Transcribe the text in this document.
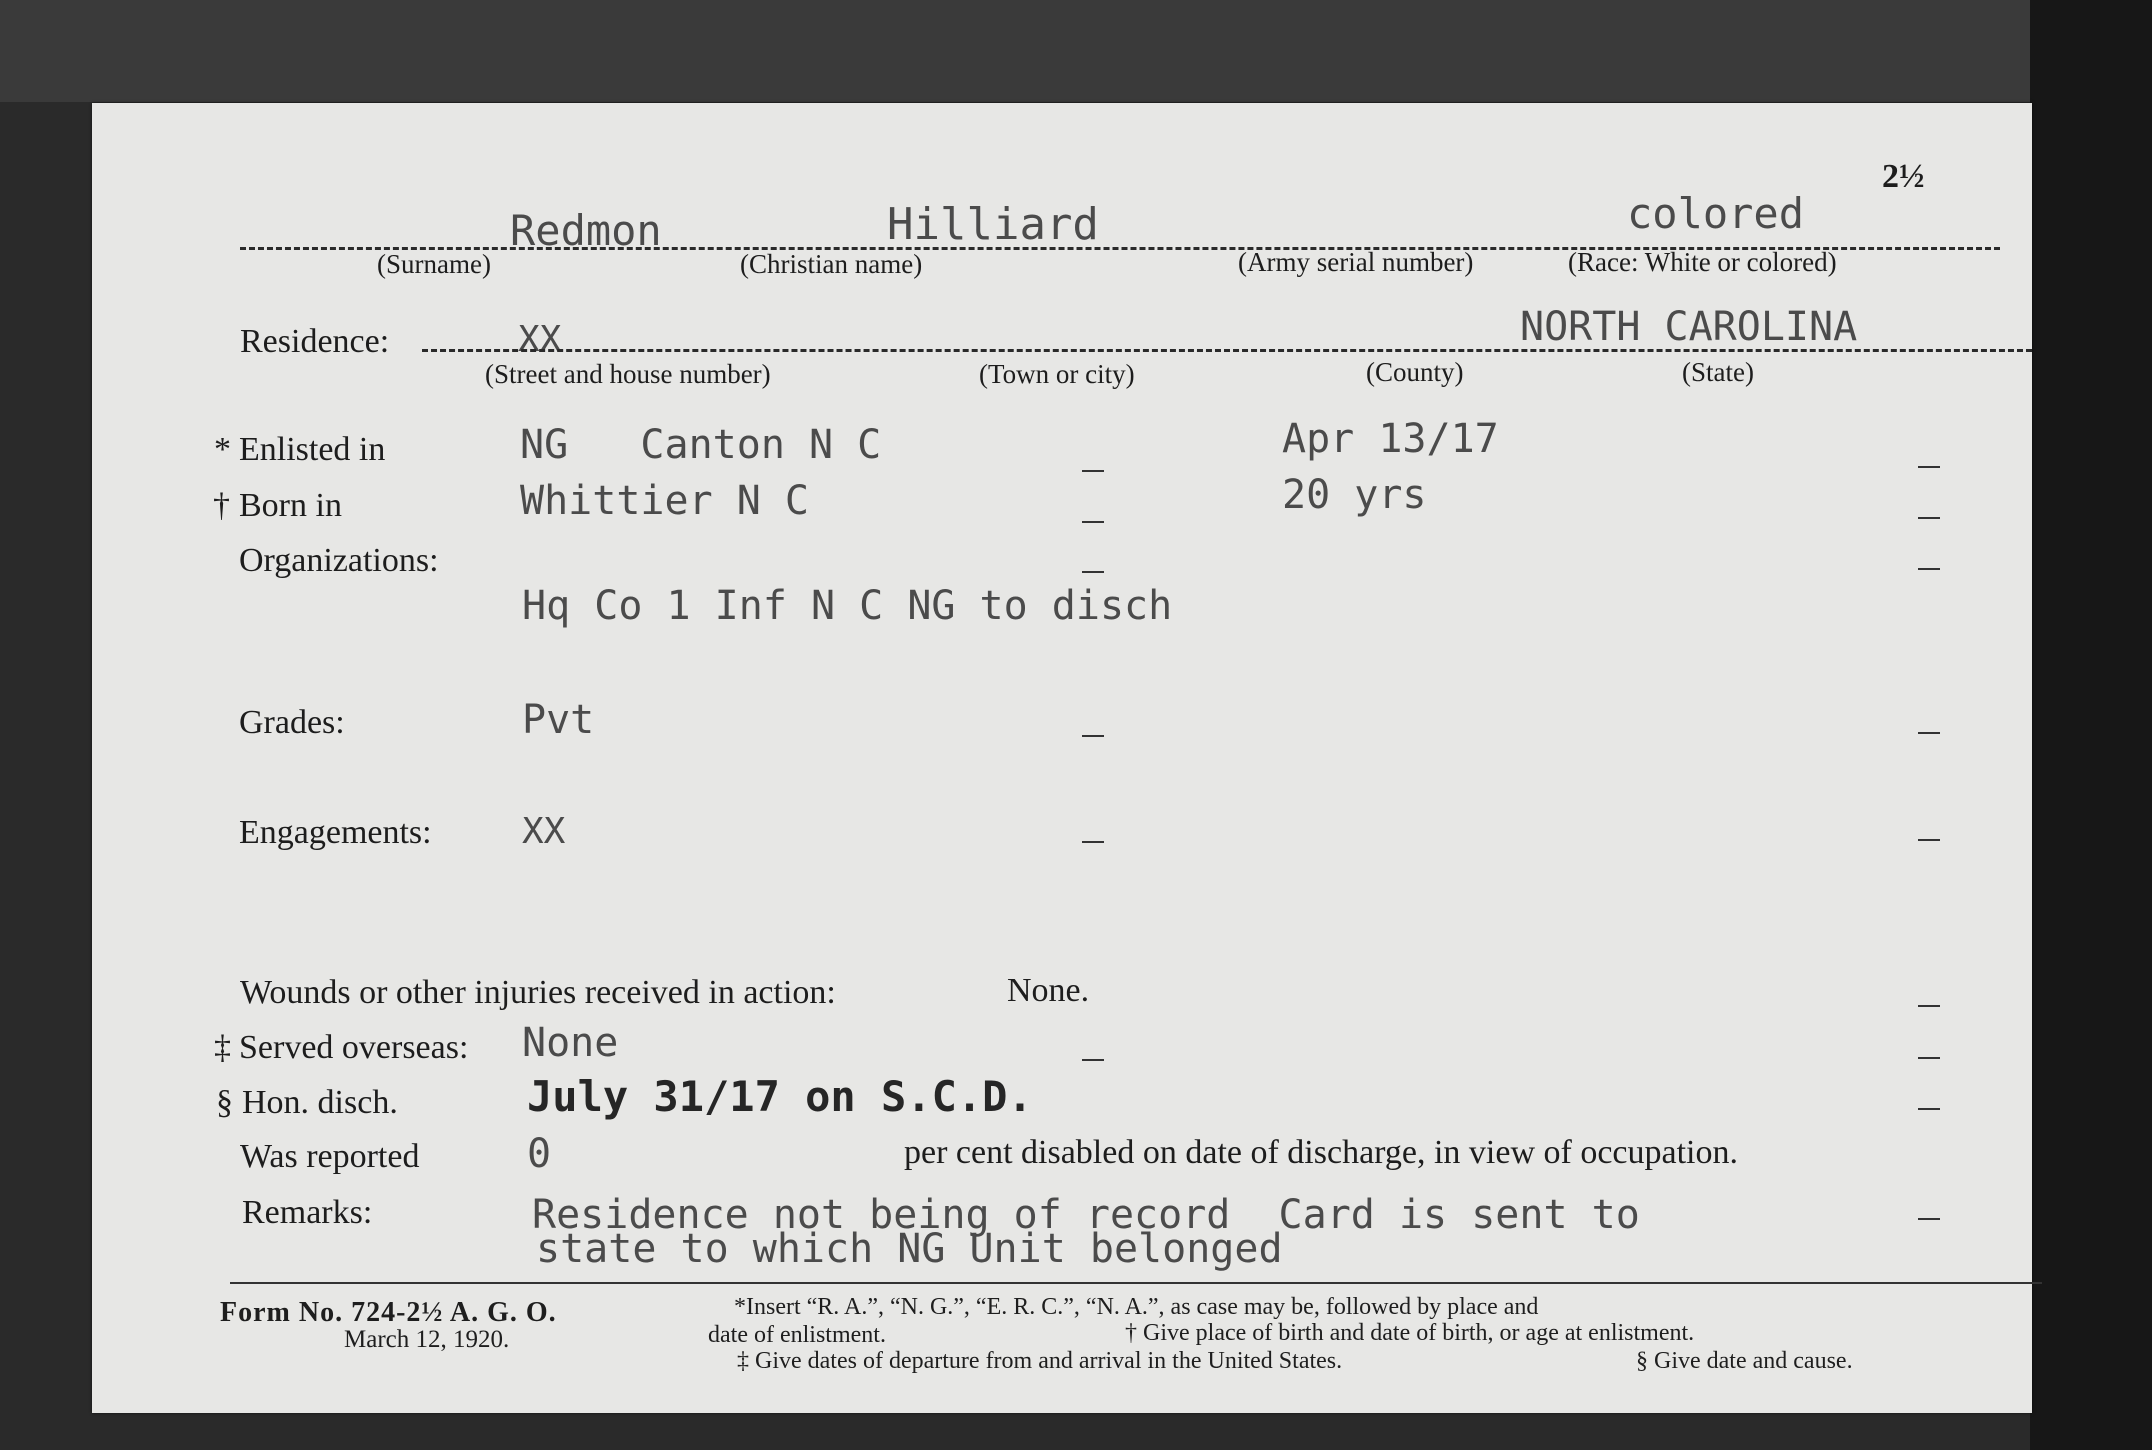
2½
Redmon	Hilliard	colored
(Surname)	(Christian name)	(Army serial number)	(Race: White or colored)
Residence:	XX	NORTH CAROLINA
(Street and house number)	(Town or city)	(County)	(State)
* Enlisted in	NG   Canton N C	Apr 13/17
† Born in	Whittier N C	20 yrs
Organizations:
Hq Co 1 Inf N C NG to disch
Grades:	Pvt
Engagements:	XX
Wounds or other injuries received in action:	None.
‡ Served overseas: None
§ Hon. disch.	July 31/17 on S.C.D.
Was reported	0	per cent disabled on date of discharge, in view of occupation.
Remarks:	Residence not being of record  Card is sent to
state to which NG Unit belonged
Form No. 724-2½ A. G. O.
March 12, 1920.
*Insert “R. A.”, “N. G.”, “E. R. C.”, “N. A.”, as case may be, followed by place and
date of enlistment.	† Give place of birth and date of birth, or age at enlistment.
‡ Give dates of departure from and arrival in the United States.	§ Give date and cause.
